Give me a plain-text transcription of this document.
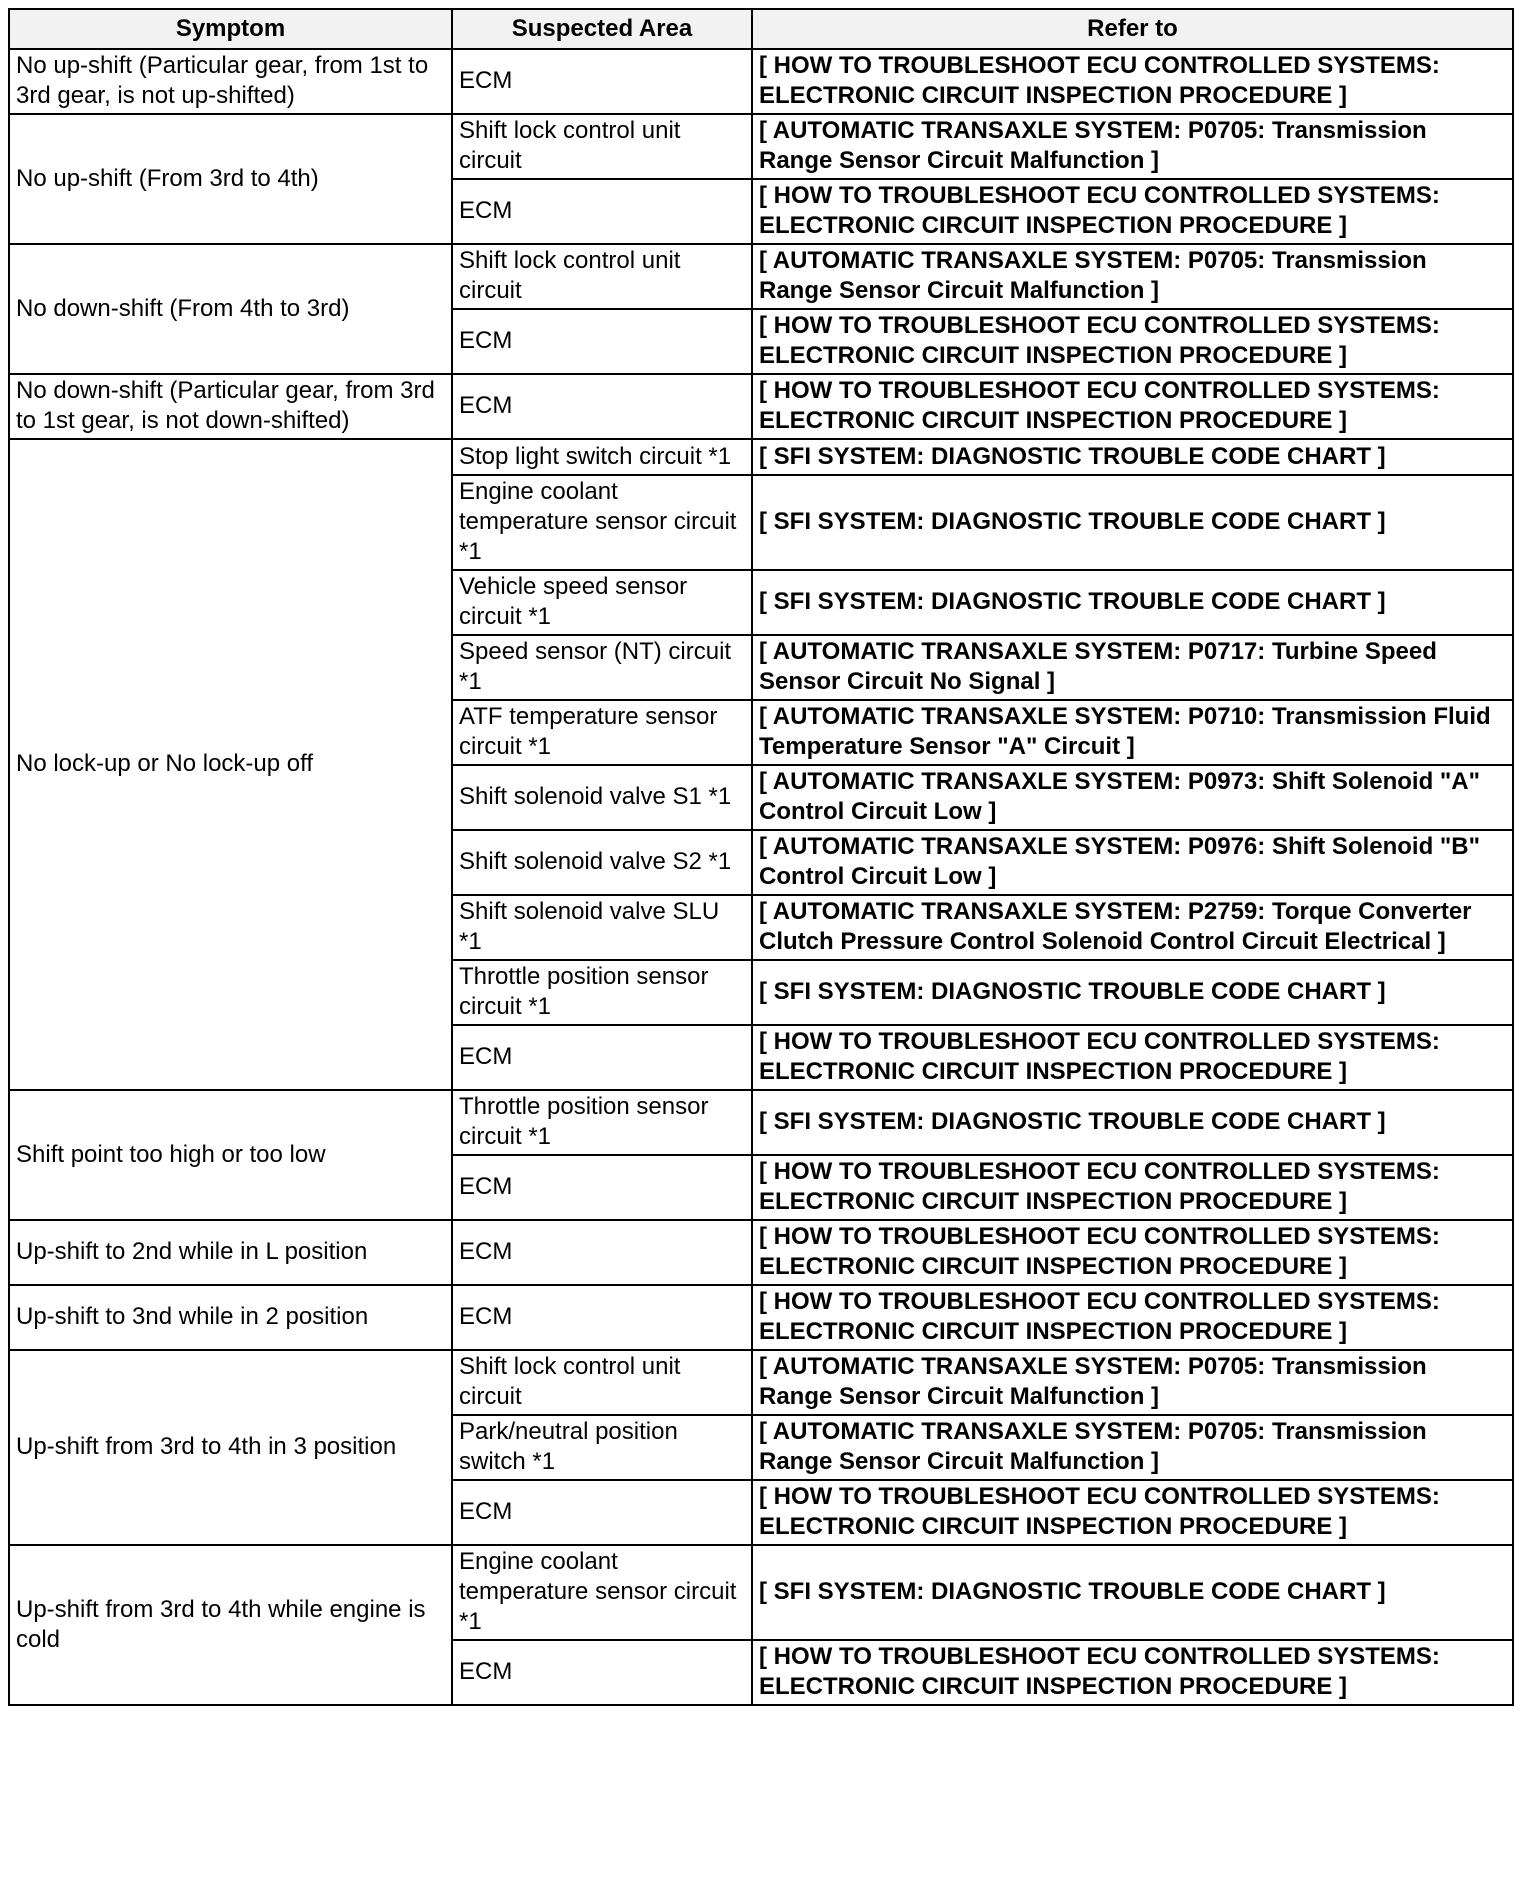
Symptom	Suspected Area	Refer to
No up-shift (Particular gear, from 1st to 3rd gear, is not up-shifted)	ECM	[ HOW TO TROUBLESHOOT ECU CONTROLLED SYSTEMS: ELECTRONIC CIRCUIT INSPECTION PROCEDURE ]
No up-shift (From 3rd to 4th)	Shift lock control unit circuit	[ AUTOMATIC TRANSAXLE SYSTEM: P0705: Transmission Range Sensor Circuit Malfunction ]
	ECM	[ HOW TO TROUBLESHOOT ECU CONTROLLED SYSTEMS: ELECTRONIC CIRCUIT INSPECTION PROCEDURE ]
No down-shift (From 4th to 3rd)	Shift lock control unit circuit	[ AUTOMATIC TRANSAXLE SYSTEM: P0705: Transmission Range Sensor Circuit Malfunction ]
	ECM	[ HOW TO TROUBLESHOOT ECU CONTROLLED SYSTEMS: ELECTRONIC CIRCUIT INSPECTION PROCEDURE ]
No down-shift (Particular gear, from 3rd to 1st gear, is not down-shifted)	ECM	[ HOW TO TROUBLESHOOT ECU CONTROLLED SYSTEMS: ELECTRONIC CIRCUIT INSPECTION PROCEDURE ]
No lock-up or No lock-up off	Stop light switch circuit *1	[ SFI SYSTEM: DIAGNOSTIC TROUBLE CODE CHART ]
	Engine coolant temperature sensor circuit *1	[ SFI SYSTEM: DIAGNOSTIC TROUBLE CODE CHART ]
	Vehicle speed sensor circuit *1	[ SFI SYSTEM: DIAGNOSTIC TROUBLE CODE CHART ]
	Speed sensor (NT) circuit *1	[ AUTOMATIC TRANSAXLE SYSTEM: P0717: Turbine Speed Sensor Circuit No Signal ]
	ATF temperature sensor circuit *1	[ AUTOMATIC TRANSAXLE SYSTEM: P0710: Transmission Fluid Temperature Sensor "A" Circuit ]
	Shift solenoid valve S1 *1	[ AUTOMATIC TRANSAXLE SYSTEM: P0973: Shift Solenoid "A" Control Circuit Low ]
	Shift solenoid valve S2 *1	[ AUTOMATIC TRANSAXLE SYSTEM: P0976: Shift Solenoid "B" Control Circuit Low ]
	Shift solenoid valve SLU *1	[ AUTOMATIC TRANSAXLE SYSTEM: P2759: Torque Converter Clutch Pressure Control Solenoid Control Circuit Electrical ]
	Throttle position sensor circuit *1	[ SFI SYSTEM: DIAGNOSTIC TROUBLE CODE CHART ]
	ECM	[ HOW TO TROUBLESHOOT ECU CONTROLLED SYSTEMS: ELECTRONIC CIRCUIT INSPECTION PROCEDURE ]
Shift point too high or too low	Throttle position sensor circuit *1	[ SFI SYSTEM: DIAGNOSTIC TROUBLE CODE CHART ]
	ECM	[ HOW TO TROUBLESHOOT ECU CONTROLLED SYSTEMS: ELECTRONIC CIRCUIT INSPECTION PROCEDURE ]
Up-shift to 2nd while in L position	ECM	[ HOW TO TROUBLESHOOT ECU CONTROLLED SYSTEMS: ELECTRONIC CIRCUIT INSPECTION PROCEDURE ]
Up-shift to 3nd while in 2 position	ECM	[ HOW TO TROUBLESHOOT ECU CONTROLLED SYSTEMS: ELECTRONIC CIRCUIT INSPECTION PROCEDURE ]
Up-shift from 3rd to 4th in 3 position	Shift lock control unit circuit	[ AUTOMATIC TRANSAXLE SYSTEM: P0705: Transmission Range Sensor Circuit Malfunction ]
	Park/neutral position switch *1	[ AUTOMATIC TRANSAXLE SYSTEM: P0705: Transmission Range Sensor Circuit Malfunction ]
	ECM	[ HOW TO TROUBLESHOOT ECU CONTROLLED SYSTEMS: ELECTRONIC CIRCUIT INSPECTION PROCEDURE ]
Up-shift from 3rd to 4th while engine is cold	Engine coolant temperature sensor circuit *1	[ SFI SYSTEM: DIAGNOSTIC TROUBLE CODE CHART ]
	ECM	[ HOW TO TROUBLESHOOT ECU CONTROLLED SYSTEMS: ELECTRONIC CIRCUIT INSPECTION PROCEDURE ]
